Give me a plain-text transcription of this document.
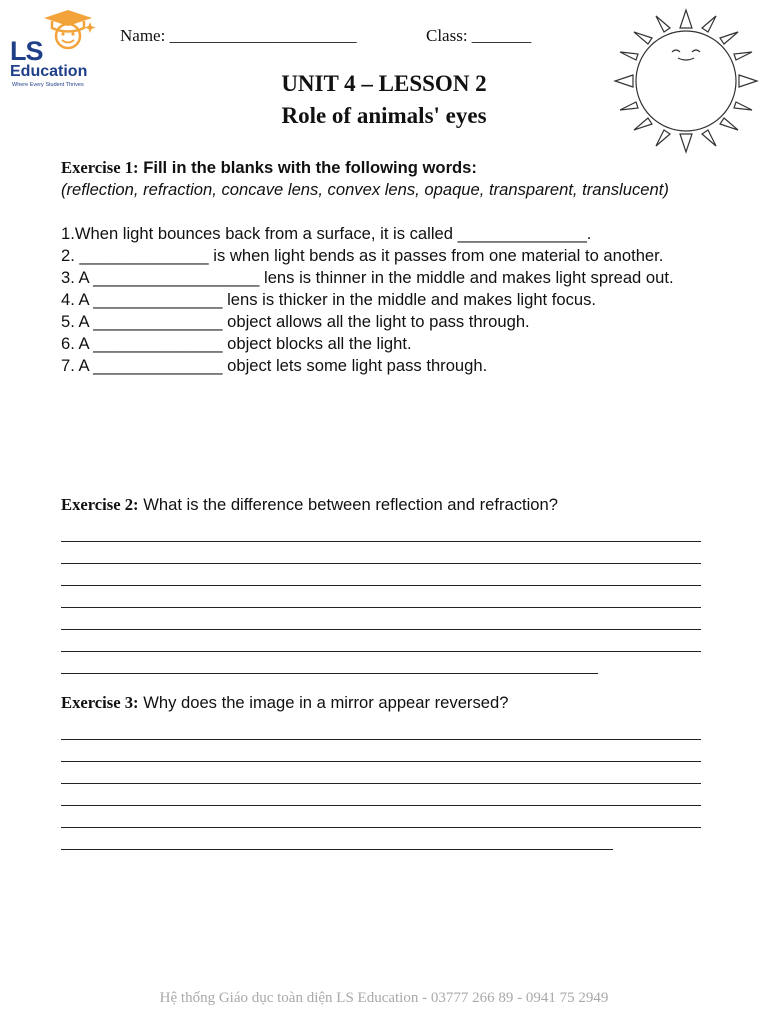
LS
Education
Where Every Student Thrives
Name: ______________________	Class: _______
UNIT 4 – LESSON 2
Role of animals' eyes
Exercise 1: Fill in the blanks with the following words:
(reflection, refraction, concave lens, convex lens, opaque, transparent, translucent)
1.When light bounces back from a surface, it is called ______________.
2. ______________ is when light bends as it passes from one material to another.
3. A __________________ lens is thinner in the middle and makes light spread out.
4. A ______________ lens is thicker in the middle and makes light focus.
5. A ______________ object allows all the light to pass through.
6. A ______________ object blocks all the light.
7. A ______________ object lets some light pass through.
Exercise 2: What is the difference between reflection and refraction?
Exercise 3: Why does the image in a mirror appear reversed?
Hệ thống Giáo dục toàn diện LS Education - 03777 266 89 - 0941 75 2949
